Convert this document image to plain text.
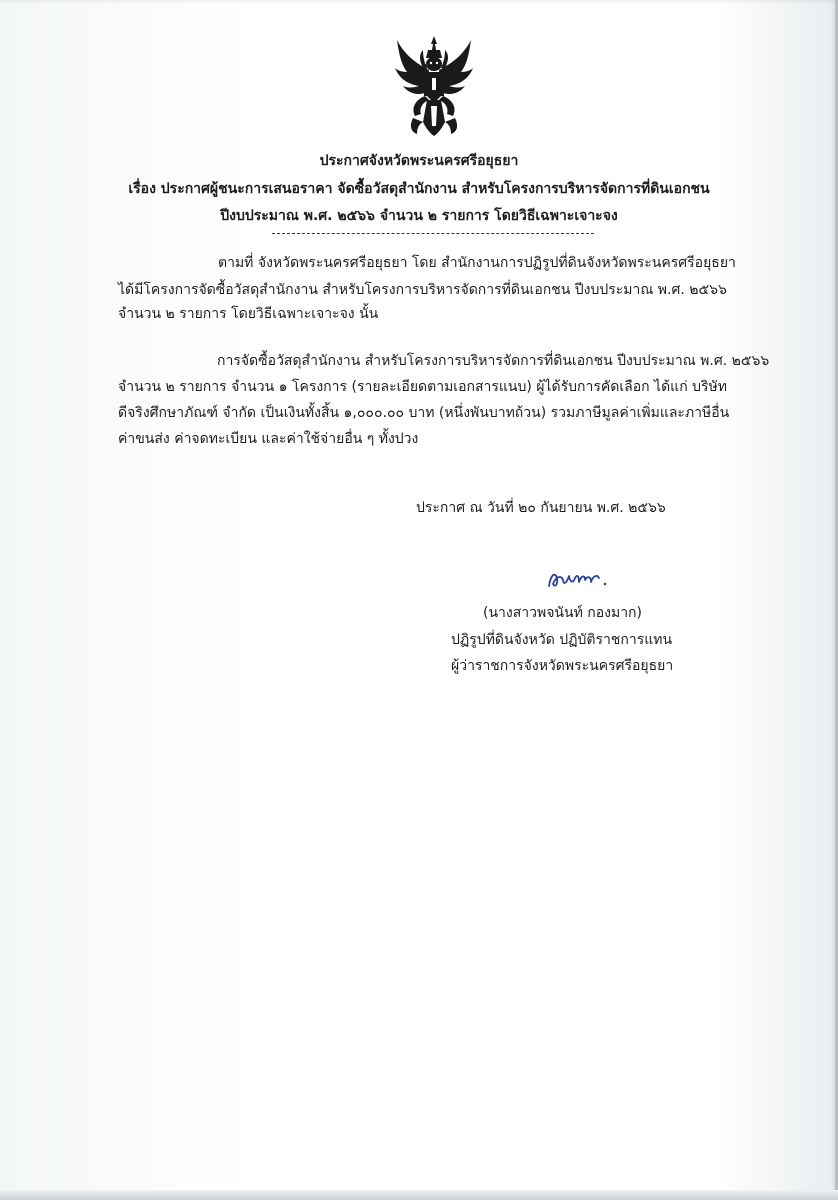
ประกาศจังหวัดพระนครศรีอยุธยา
เรื่อง ประกาศผู้ชนะการเสนอราคา จัดซื้อวัสดุสำนักงาน สำหรับโครงการบริหารจัดการที่ดินเอกชน
ปีงบประมาณ พ.ศ. ๒๕๖๖ จำนวน ๒ รายการ โดยวิธีเฉพาะเจาะจง
ตามที่ จังหวัดพระนครศรีอยุธยา โดย สำนักงานการปฏิรูปที่ดินจังหวัดพระนครศรีอยุธยา
ได้มีโครงการจัดซื้อวัสดุสำนักงาน สำหรับโครงการบริหารจัดการที่ดินเอกชน ปีงบประมาณ พ.ศ. ๒๕๖๖
จำนวน ๒ รายการ โดยวิธีเฉพาะเจาะจง นั้น
การจัดซื้อวัสดุสำนักงาน สำหรับโครงการบริหารจัดการที่ดินเอกชน ปีงบประมาณ พ.ศ. ๒๕๖๖
จำนวน ๒ รายการ จำนวน ๑ โครงการ (รายละเอียดตามเอกสารแนบ) ผู้ได้รับการคัดเลือก ได้แก่ บริษัท
ดีจริงศึกษาภัณฑ์ จำกัด เป็นเงินทั้งสิ้น ๑,๐๐๐.๐๐ บาท (หนึ่งพันบาทถ้วน) รวมภาษีมูลค่าเพิ่มและภาษีอื่น
ค่าขนส่ง ค่าจดทะเบียน และค่าใช้จ่ายอื่น ๆ ทั้งปวง
ประกาศ ณ วันที่ ๒๐ กันยายน พ.ศ. ๒๕๖๖
(นางสาวพจนันท์ กองมาก)
ปฏิรูปที่ดินจังหวัด ปฏิบัติราชการแทน
ผู้ว่าราชการจังหวัดพระนครศรีอยุธยา
